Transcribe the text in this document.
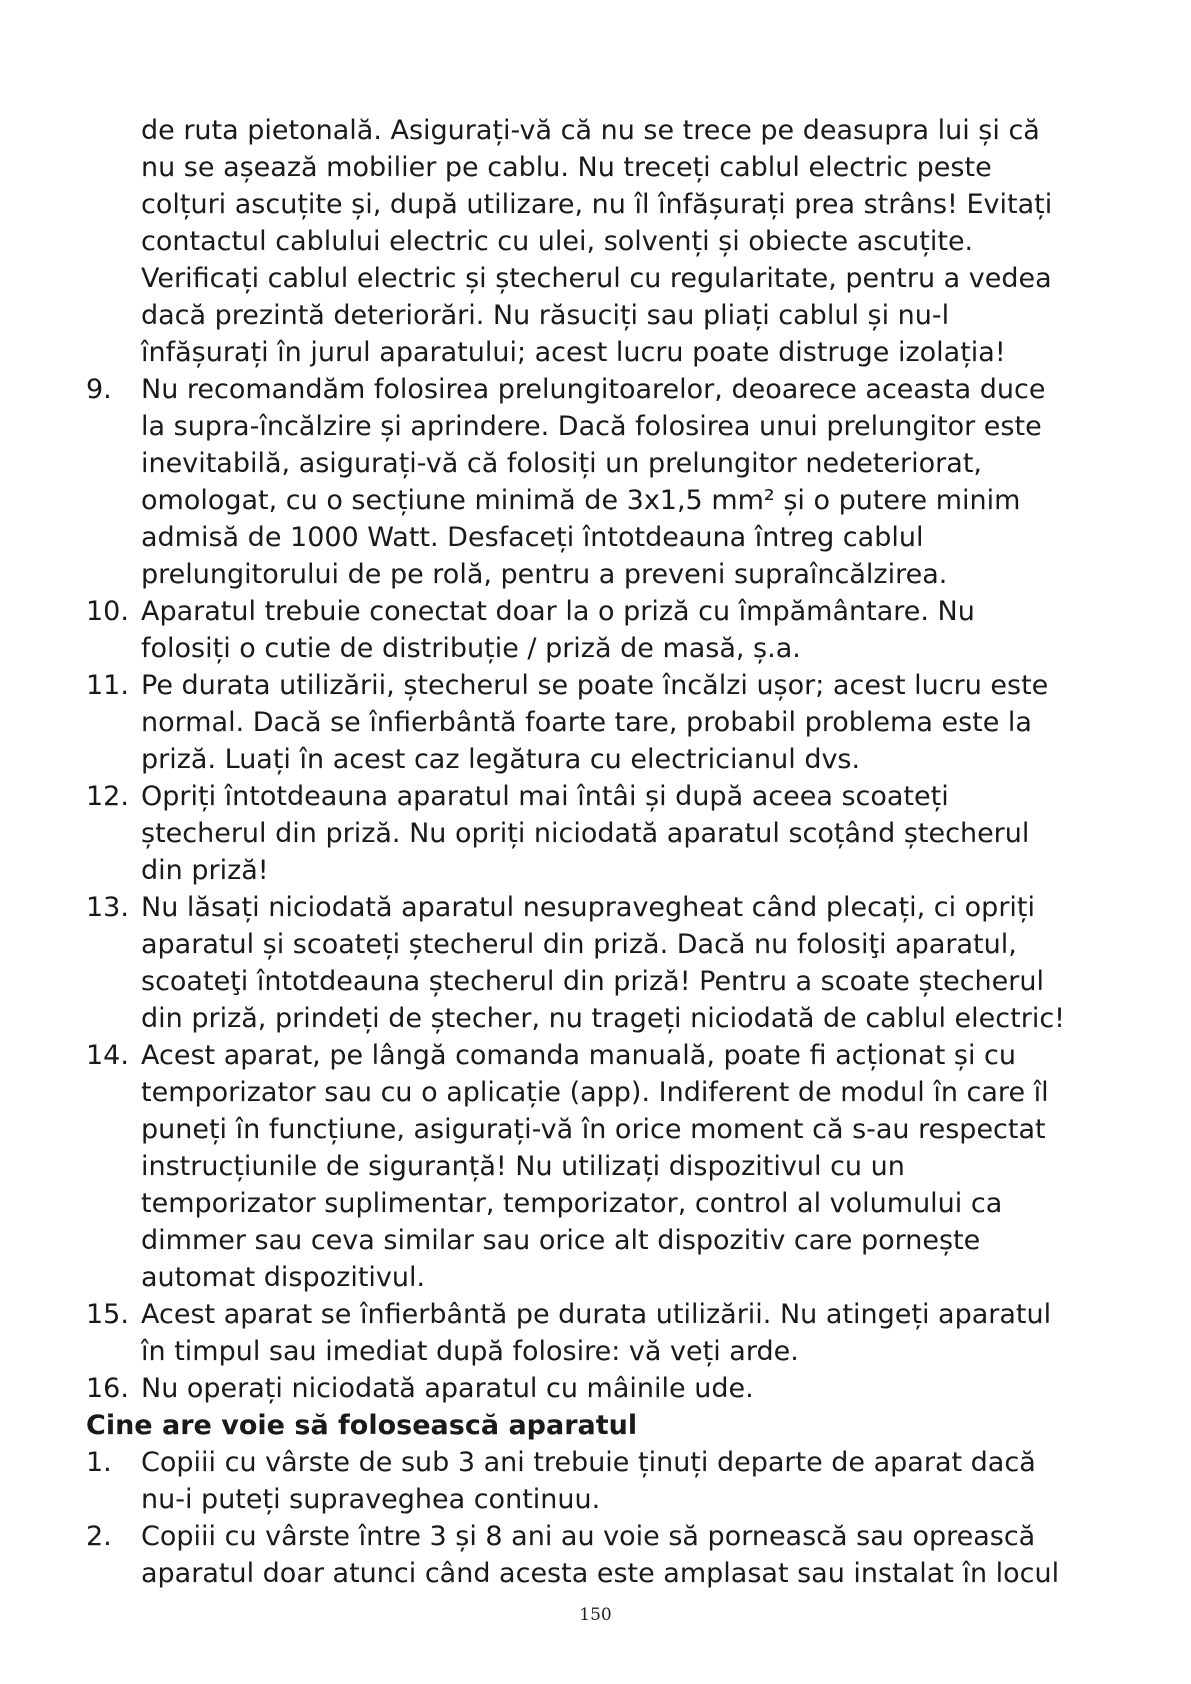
de ruta pietonală. Asigurați-vă că nu se trece pe deasupra lui și că
nu se așează mobilier pe cablu. Nu treceți cablul electric peste
colțuri ascuțite și, după utilizare, nu îl înfășurați prea strâns! Evitați
contactul cablului electric cu ulei, solvenți și obiecte ascuțite.
Verificați cablul electric și ștecherul cu regularitate, pentru a vedea
dacă prezintă deteriorări. Nu răsuciți sau pliați cablul și nu-l
înfășurați în jurul aparatului; acest lucru poate distruge izolația!
9.	Nu recomandăm folosirea prelungitoarelor, deoarece aceasta duce
la supra-încălzire și aprindere. Dacă folosirea unui prelungitor este
inevitabilă, asigurați-vă că folosiți un prelungitor nedeteriorat,
omologat, cu o secțiune minimă de 3x1,5 mm² și o putere minim
admisă de 1000 Watt. Desfaceți întotdeauna întreg cablul
prelungitorului de pe rolă, pentru a preveni supraîncălzirea.
10. Aparatul trebuie conectat doar la o priză cu împământare. Nu
folosiți o cutie de distribuție / priză de masă, ș.a.
11. Pe durata utilizării, ștecherul se poate încălzi ușor; acest lucru este
normal. Dacă se înfierbântă foarte tare, probabil problema este la
priză. Luați în acest caz legătura cu electricianul dvs.
12. Opriți întotdeauna aparatul mai întâi și după aceea scoateți
ștecherul din priză. Nu opriți niciodată aparatul scoțând ștecherul
din priză!
13. Nu lăsați niciodată aparatul nesupravegheat când plecați, ci opriți
aparatul și scoateți ștecherul din priză. Dacă nu folosiţi aparatul,
scoateţi întotdeauna ștecherul din priză! Pentru a scoate ștecherul
din priză, prindeți de ștecher, nu trageți niciodată de cablul electric!
14. Acest aparat, pe lângă comanda manuală, poate fi acționat și cu
temporizator sau cu o aplicație (app). Indiferent de modul în care îl
puneți în funcțiune, asigurați-vă în orice moment că s-au respectat
instrucțiunile de siguranță! Nu utilizați dispozitivul cu un
temporizator suplimentar, temporizator, control al volumului ca
dimmer sau ceva similar sau orice alt dispozitiv care pornește
automat dispozitivul.
15. Acest aparat se înfierbântă pe durata utilizării. Nu atingeți aparatul
în timpul sau imediat după folosire: vă veți arde.
16. Nu operați niciodată aparatul cu mâinile ude.
Cine are voie să folosească aparatul
1.	Copiii cu vârste de sub 3 ani trebuie ținuți departe de aparat dacă
nu-i puteți supraveghea continuu.
2.	Copiii cu vârste între 3 și 8 ani au voie să pornească sau oprească
aparatul doar atunci când acesta este amplasat sau instalat în locul
150
